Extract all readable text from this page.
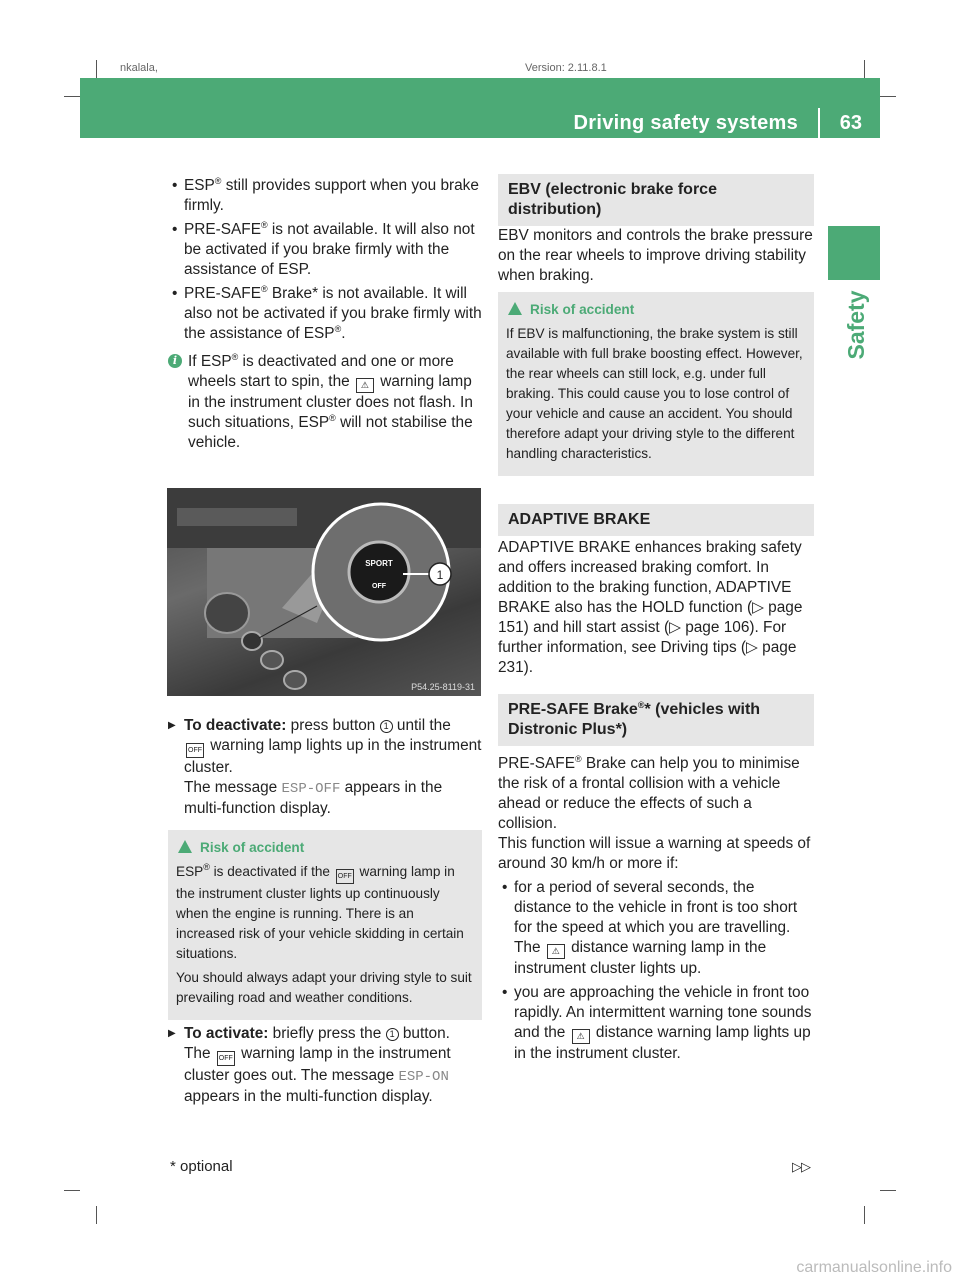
nkalala,	Version: 2.11.8.1
Driving safety systems 63
Safety
• ESP® still provides support when you brake firmly.
• PRE-SAFE® is not available. It will also not be activated if you brake firmly with the assistance of ESP.
• PRE-SAFE® Brake* is not available. It will also not be activated if you brake firmly with the assistance of ESP®.
i If ESP® is deactivated and one or more wheels start to spin, the ⚠ warning lamp in the instrument cluster does not flash. In such situations, ESP® will not stabilise the vehicle.
SPORT
OFF
1
P54.25-8119-31
▶ To deactivate: press button 1 until the
OFF warning lamp lights up in the instrument cluster.
The message ESP-OFF appears in the multi-function display.
Risk of accident

ESP® is deactivated if the OFF warning lamp in the instrument cluster lights up continuously when the engine is running. There is an increased risk of your vehicle skidding in certain situations.

You should always adapt your driving style to suit prevailing road and weather conditions.

▶ To activate: briefly press the 1 button.
The OFF warning lamp in the instrument cluster goes out. The message ESP-ON appears in the multi-function display.
EBV (electronic brake force distribution)
EBV monitors and controls the brake pressure on the rear wheels to improve driving stability when braking.
Risk of accident

If EBV is malfunctioning, the brake system is still available with full brake boosting effect. However, the rear wheels can still lock, e.g. under full braking. This could cause you to lose control of your vehicle and cause an accident. You should therefore adapt your driving style to the different handling characteristics.

ADAPTIVE BRAKE
ADAPTIVE BRAKE enhances braking safety and offers increased braking comfort. In addition to the braking function, ADAPTIVE BRAKE also has the HOLD function (▷ page 151) and hill start assist (▷ page 106). For further information, see Driving tips (▷ page 231).
PRE-SAFE Brake®* (vehicles with Distronic Plus*)

PRE-SAFE® Brake can help you to minimise the risk of a frontal collision with a vehicle ahead or reduce the effects of such a collision.

This function will issue a warning at speeds of around 30 km/h or more if:

• for a period of several seconds, the distance to the vehicle in front is too short for the speed at which you are travelling. The ⚠ distance warning lamp in the instrument cluster lights up.
• you are approaching the vehicle in front too rapidly. An intermittent warning tone sounds and the ⚠ distance warning lamp lights up in the instrument cluster.
* optional	▷▷
carmanualsonline.info
